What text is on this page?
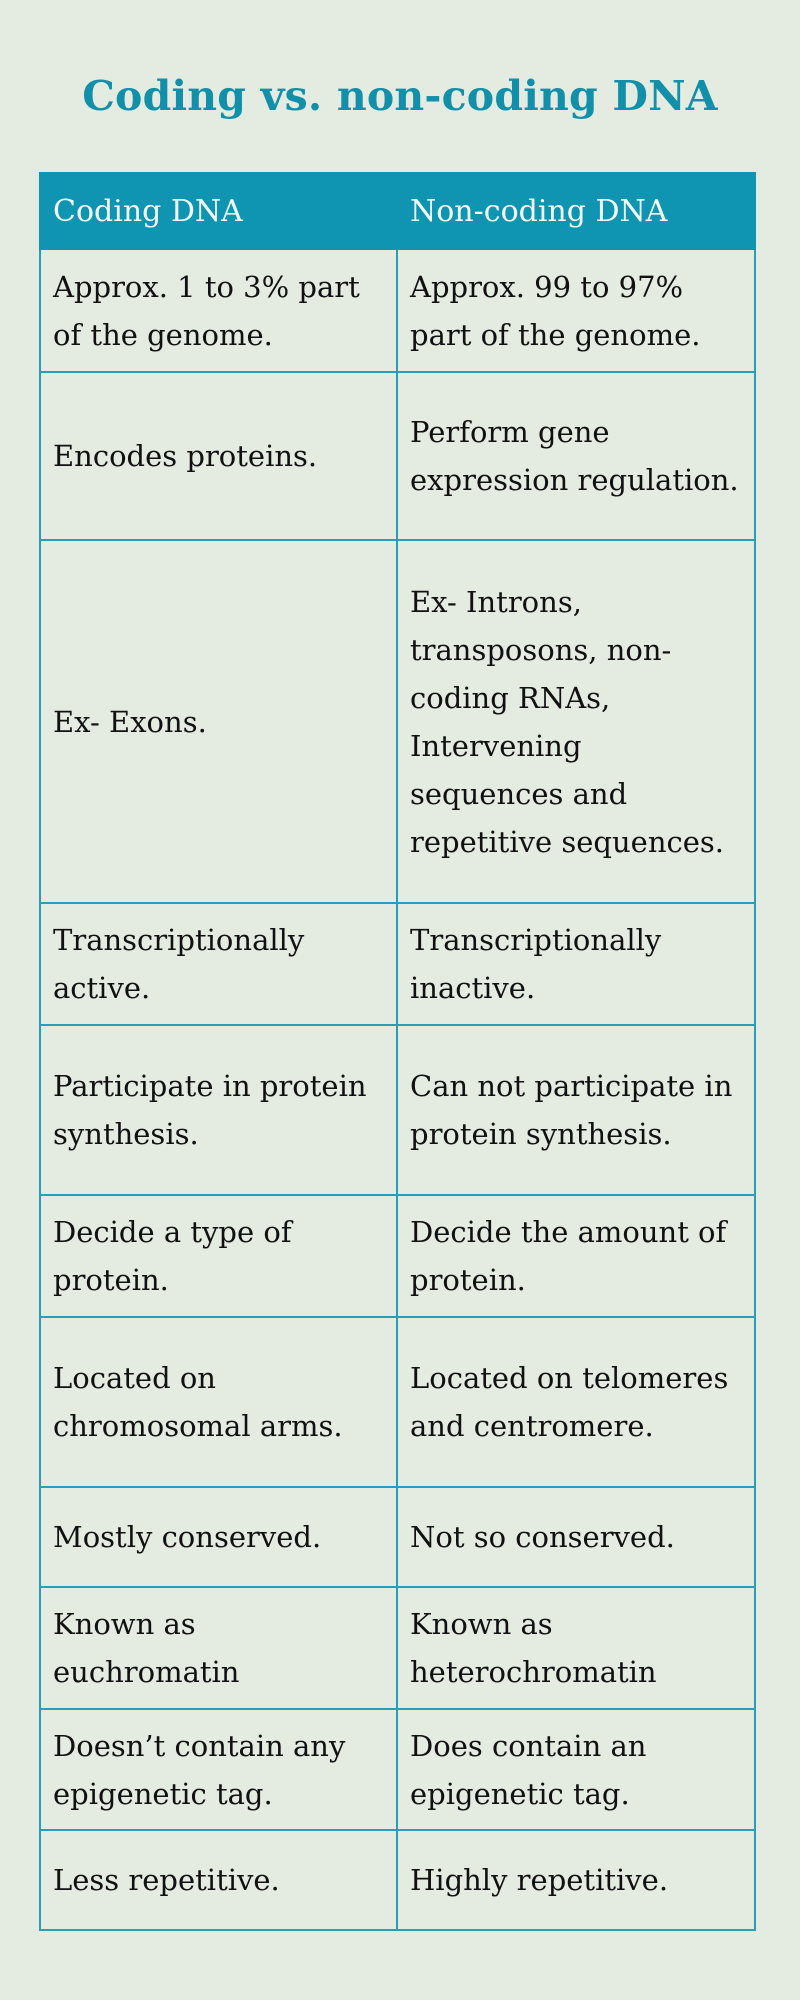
Coding vs. non-coding DNA
Coding DNA	Non-coding DNA
Approx. 1 to 3% part of the genome.	Approx. 99 to 97% part of the genome.
Encodes proteins.	Perform gene expression regulation.
Ex- Exons.	Ex- Introns, transposons, non-coding RNAs, Intervening sequences and repetitive sequences.
Transcriptionally active.	Transcriptionally inactive.
Participate in protein synthesis.	Can not participate in protein synthesis.
Decide a type of protein.	Decide the amount of protein.
Located on chromosomal arms.	Located on telomeres and centromere.
Mostly conserved.	Not so conserved.
Known as euchromatin	Known as heterochromatin
Doesn’t contain any epigenetic tag.	Does contain an epigenetic tag.
Less repetitive.	Highly repetitive.
